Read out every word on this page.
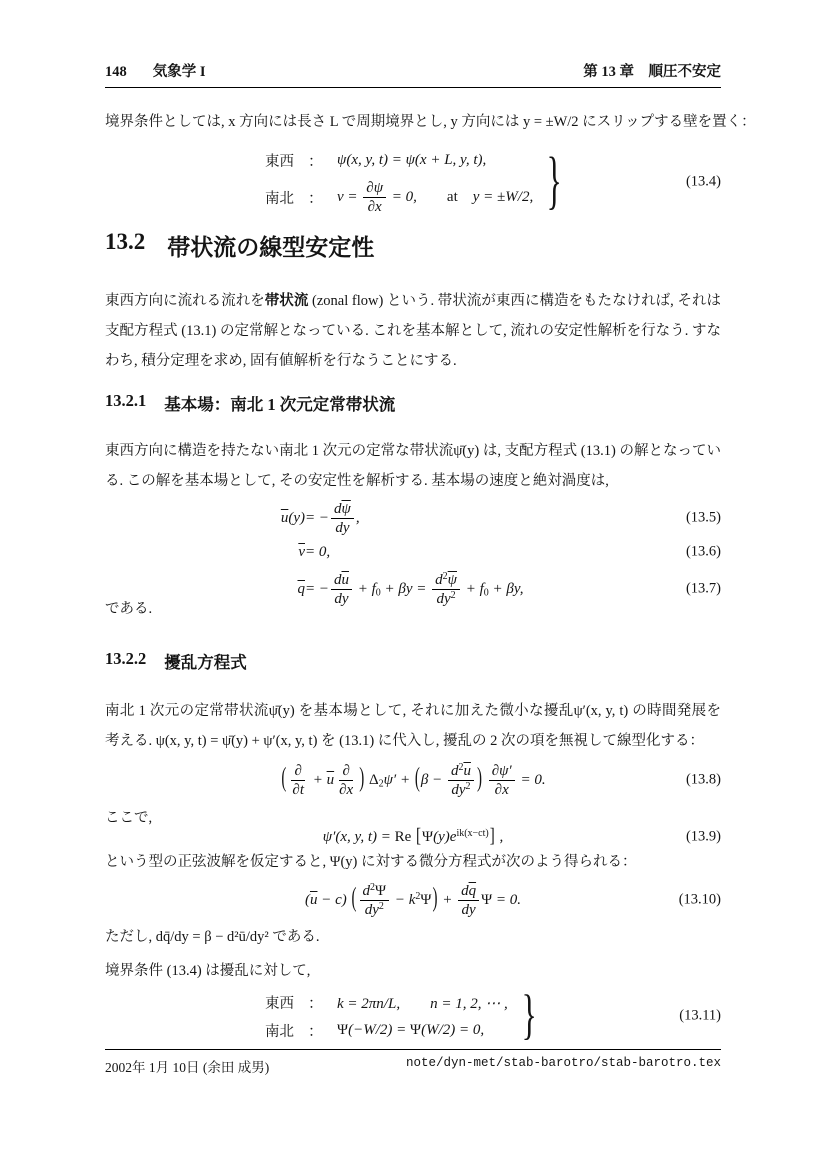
148 気象学 I	第 13 章　順圧不安定

境界条件としては, x 方向には長さ L で周期境界とし, y 方向には y = ±W/2 にスリップする壁を置く：

東西 ： ψ(x, y, t) = ψ(x + L, y, t),
南北 ： $v = \frac{\partial\psi}{\partial x} = 0$,　　 at　 y = ±W/2, }	(13.4)
13.2 帯状流の線型安定性

東西方向に流れる流れを帯状流 (zonal flow) という. 帯状流が東西に構造をもたなければ, それは支配方程式 (13.1) の定常解となっている. これを基本解として, 流れの安定性解析を行なう. すなわち, 積分定理を求め, 固有値解析を行なうことにする.

13.2.1 基本場：南北 1 次元定常帯状流

東西方向に構造を持たない南北 1 次元の定常な帯状流ψ̄(y) は, 支配方程式 (13.1) の解となっている. この解を基本場として, その安定性を解析する. 基本場の速度と絶対渦度は,

$\overline{u}(y)$ = − $\frac{d\overline{\psi}}{dy}$ ,	(13.5)
$\overline{v} = 0$,	(13.6)
$\overline{q}$ = − $\frac{d\overline{u}}{dy} + f_0 + \beta y = \frac{d^2\overline{\psi}}{dy^2} + f_0 + \beta y$,	(13.7)

である.

13.2.2 擾乱方程式

南北 1 次元の定常帯状流ψ̄(y) を基本場として, それに加えた微小な擾乱ψ′(x, y, t) の時間発展を考える. ψ(x, y, t) = ψ̄(y) + ψ′(x, y, t) を (13.1) に代入し, 擾乱の 2 次の項を無視して線型化する：

( $\frac{\partial}{\partial t} + \overline{u} \frac{\partial}{\partial x}$ ) $\Delta_2\psi' + (\beta - \frac{d^2\overline{u}}{dy^2}$ ) $\frac{\partial\psi'}{\partial x} = 0$.	(13.8)

ここで,

ψ′(x, y, t) = Re $[\Psi(y)e^{ik(x-ct)}]$ ,	(13.9)

という型の正弦波解を仮定すると, Ψ(y) に対する微分方程式が次のよう得られる：

$(\overline{u} - c)$ ( $\frac{d^2\Psi}{dy^2} - k^2\Psi) + \frac{d\overline{q}}{dy}$ Ψ = 0.	(13.10)

ただし, dq̄/dy = β − d²ū/dy² である.

境界条件 (13.4) は擾乱に対して,

東西 ： k = 2πn/L,　　 n = 1, 2, ⋯ ,
南北 ： Ψ(−W/2) = Ψ(W/2) = 0, }	(13.11)
2002年 1月 10日 (余田 成男)	note/dyn-met/stab-barotro/stab-barotro.tex
